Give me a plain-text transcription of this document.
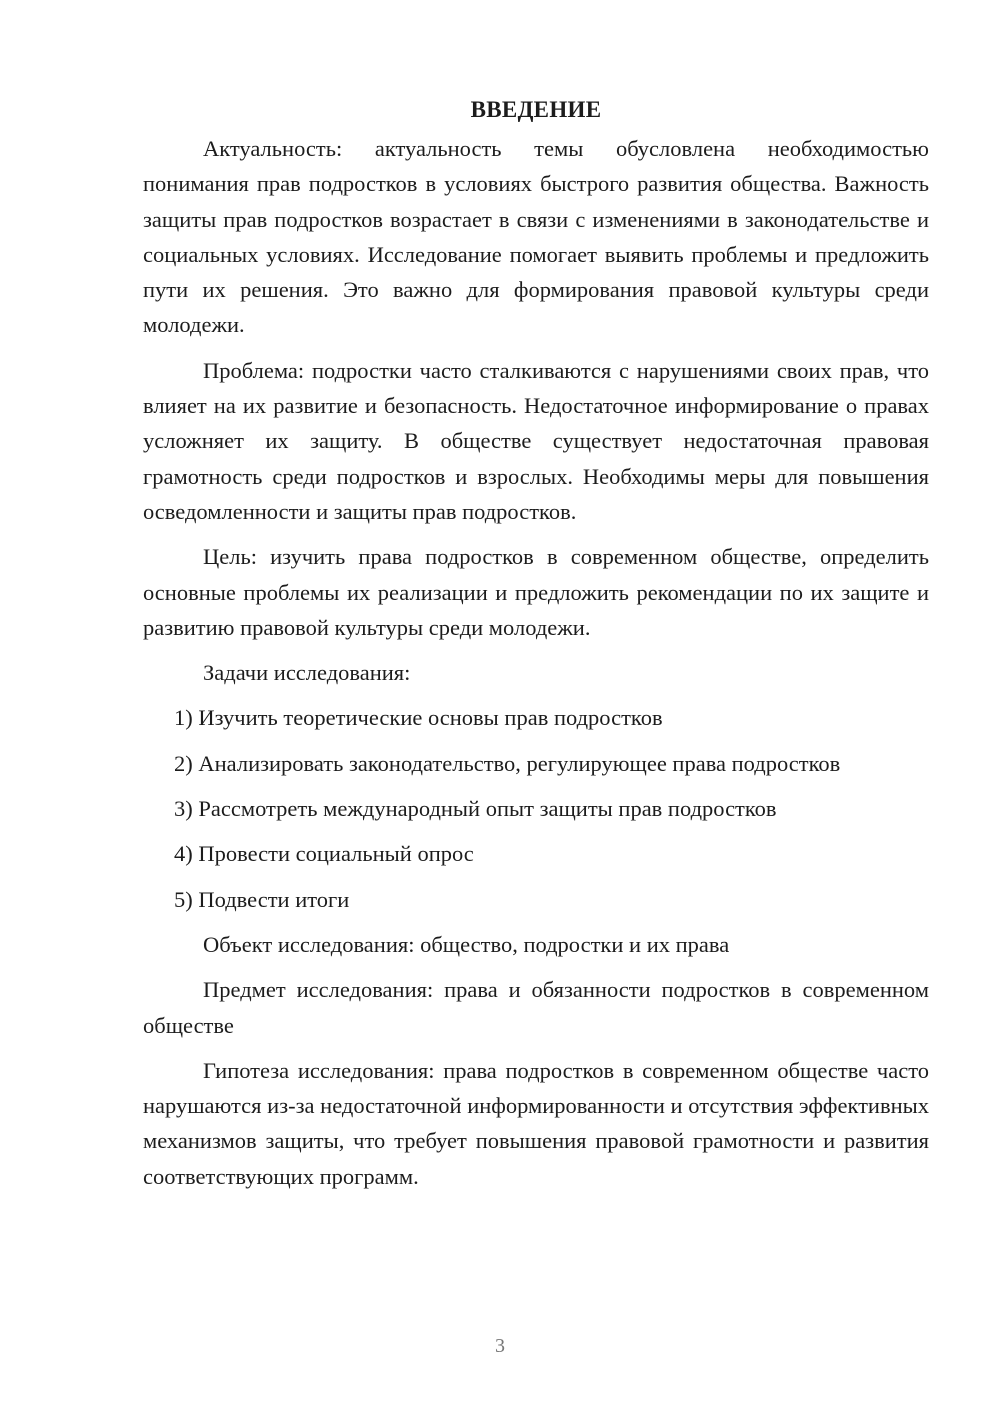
ВВЕДЕНИЕ

Актуальность: актуальность темы обусловлена необходимостью понимания прав подростков в условиях быстрого развития общества. Важность защиты прав подростков возрастает в связи с изменениями в законодательстве и социальных условиях. Исследование помогает выявить проблемы и предложить пути их решения. Это важно для формирования правовой культуры среди молодежи.

Проблема: подростки часто сталкиваются с нарушениями своих прав, что влияет на их развитие и безопасность. Недостаточное информирование о правах усложняет их защиту. В обществе существует недостаточная правовая грамотность среди подростков и взрослых. Необходимы меры для повышения осведомленности и защиты прав подростков.

Цель: изучить права подростков в современном обществе, определить основные проблемы их реализации и предложить рекомендации по их защите и развитию правовой культуры среди молодежи.

Задачи исследования:

1) Изучить теоретические основы прав подростков

2) Анализировать законодательство, регулирующее права подростков

3) Рассмотреть международный опыт защиты прав подростков

4) Провести социальный опрос

5) Подвести итоги

Объект исследования: общество, подростки и их права

Предмет исследования: права и обязанности подростков в современном обществе

Гипотеза исследования: права подростков в современном обществе часто нарушаются из-за недостаточной информированности и отсутствия эффективных механизмов защиты, что требует повышения правовой грамотности и развития соответствующих программ.

3
